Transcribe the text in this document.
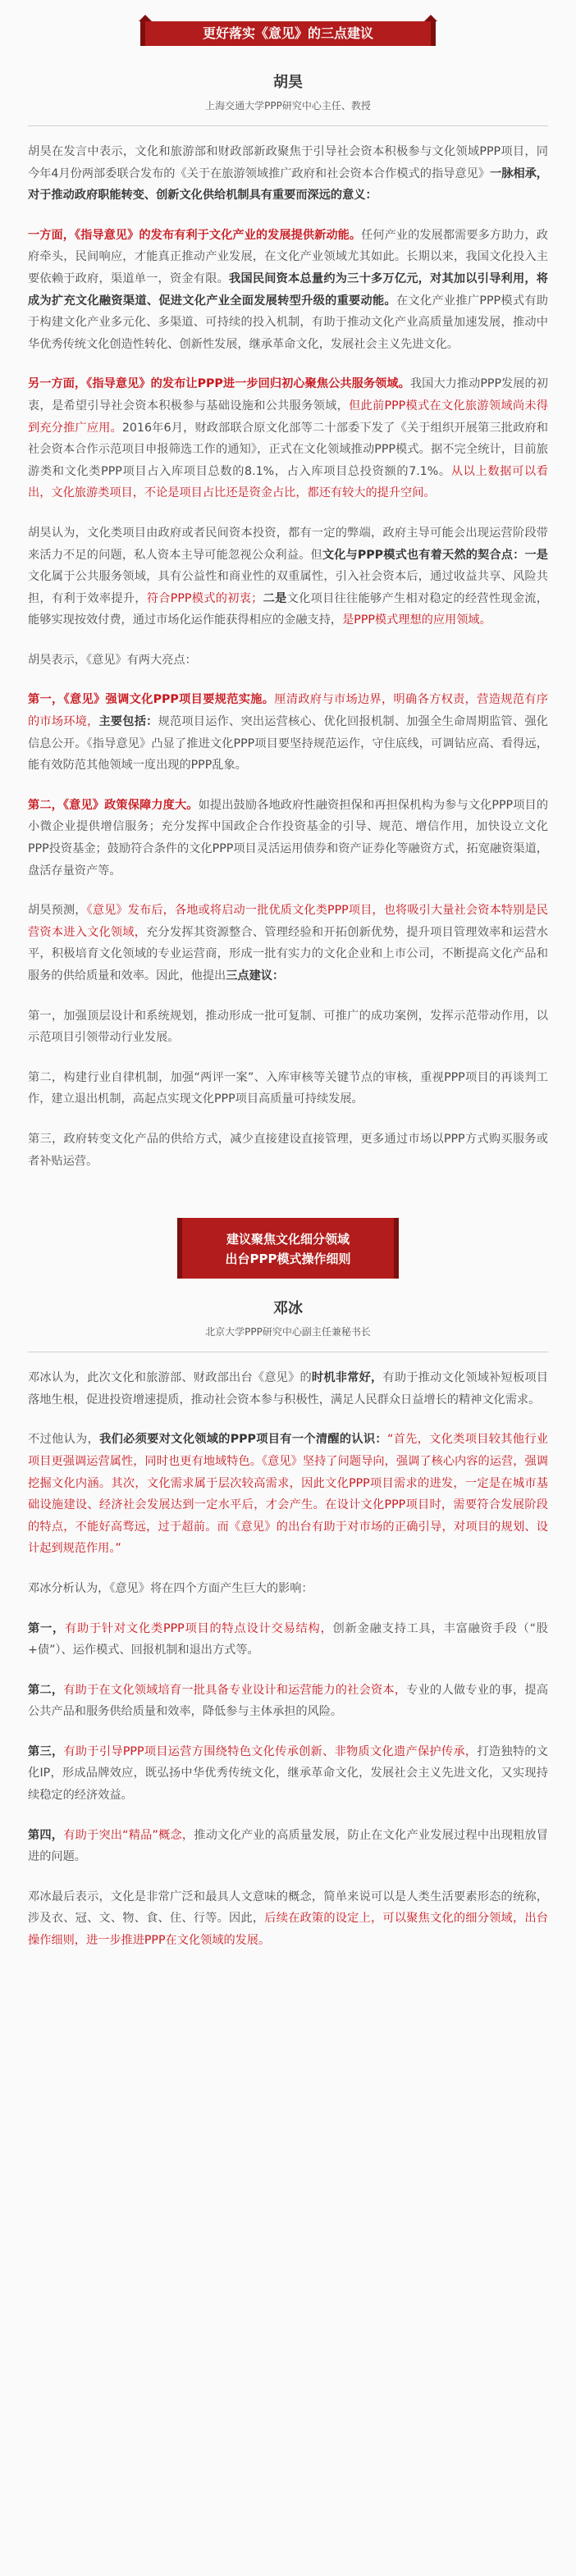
更好落实《意见》的三点建议
胡昊
上海交通大学PPP研究中心主任、教授

胡昊在发言中表示，文化和旅游部和财政部新政聚焦于引导社会资本积极参与文化领域PPP项目，同今年4月份两部委联合发布的《关于在旅游领域推广政府和社会资本合作模式的指导意见》一脉相承，对于推动政府职能转变、创新文化供给机制具有重要而深远的意义：

一方面，《指导意见》的发布有利于文化产业的发展提供新动能。任何产业的发展都需要多方助力，政府牵头，民间响应，才能真正推动产业发展，在文化产业领域尤其如此。长期以来，我国文化投入主要依赖于政府，渠道单一，资金有限。我国民间资本总量约为三十多万亿元，对其加以引导利用，将成为扩充文化融资渠道、促进文化产业全面发展转型升级的重要动能。在文化产业推广PPP模式有助于构建文化产业多元化、多渠道、可持续的投入机制，有助于推动文化产业高质量加速发展，推动中华优秀传统文化创造性转化、创新性发展，继承革命文化，发展社会主义先进文化。

另一方面，《指导意见》的发布让PPP进一步回归初心聚焦公共服务领域。我国大力推动PPP发展的初衷，是希望引导社会资本积极参与基础设施和公共服务领域，但此前PPP模式在文化旅游领域尚未得到充分推广应用。2016年6月，财政部联合原文化部等二十部委下发了《关于组织开展第三批政府和社会资本合作示范项目申报筛选工作的通知》，正式在文化领域推动PPP模式。据不完全统计，目前旅游类和文化类PPP项目占入库项目总数的8.1%，占入库项目总投资额的7.1%。从以上数据可以看出，文化旅游类项目，不论是项目占比还是资金占比，都还有较大的提升空间。

胡昊认为，文化类项目由政府或者民间资本投资，都有一定的弊端，政府主导可能会出现运营阶段带来活力不足的问题，私人资本主导可能忽视公众利益。但文化与PPP模式也有着天然的契合点：一是文化属于公共服务领域，具有公益性和商业性的双重属性，引入社会资本后，通过收益共享、风险共担，有利于效率提升，符合PPP模式的初衷；二是文化项目往往能够产生相对稳定的经营性现金流，能够实现按效付费，通过市场化运作能获得相应的金融支持，是PPP模式理想的应用领域。

胡昊表示，《意见》有两大亮点：

第一，《意见》强调文化PPP项目要规范实施。厘清政府与市场边界，明确各方权责，营造规范有序的市场环境，主要包括：规范项目运作、突出运营核心、优化回报机制、加强全生命周期监管、强化信息公开。《指导意见》凸显了推进文化PPP项目要坚持规范运作，守住底线，可调钻应高、看得远，能有效防范其他领域一度出现的PPP乱象。

第二，《意见》政策保障力度大。如提出鼓励各地政府性融资担保和再担保机构为参与文化PPP项目的小微企业提供增信服务；充分发挥中国政企合作投资基金的引导、规范、增信作用，加快设立文化PPP投资基金；鼓励符合条件的文化PPP项目灵活运用债券和资产证券化等融资方式，拓宽融资渠道，盘活存量资产等。

胡昊预测，《意见》发布后，各地或将启动一批优质文化类PPP项目，也将吸引大量社会资本特别是民营资本进入文化领域，充分发挥其资源整合、管理经验和开拓创新优势，提升项目管理效率和运营水平，积极培育文化领域的专业运营商，形成一批有实力的文化企业和上市公司，不断提高文化产品和服务的供给质量和效率。因此，他提出三点建议：

第一，加强顶层设计和系统规划，推动形成一批可复制、可推广的成功案例，发挥示范带动作用，以示范项目引领带动行业发展。

第二，构建行业自律机制，加强“两评一案”、入库审核等关键节点的审核，重视PPP项目的再谈判工作，建立退出机制，高起点实现文化PPP项目高质量可持续发展。

第三，政府转变文化产品的供给方式，减少直接建设直接管理，更多通过市场以PPP方式购买服务或者补贴运营。

建议聚焦文化细分领域
出台PPP模式操作细则
邓冰
北京大学PPP研究中心副主任兼秘书长

邓冰认为，此次文化和旅游部、财政部出台《意见》的时机非常好，有助于推动文化领域补短板项目落地生根，促进投资增速提质，推动社会资本参与积极性，满足人民群众日益增长的精神文化需求。

不过他认为，我们必须要对文化领域的PPP项目有一个清醒的认识：“首先，文化类项目较其他行业项目更强调运营属性，同时也更有地域特色。《意见》坚持了问题导向，强调了核心内容的运营，强调挖掘文化内涵。其次，文化需求属于层次较高需求，因此文化PPP项目需求的进发，一定是在城市基础设施建设、经济社会发展达到一定水平后，才会产生。在设计文化PPP项目时，需要符合发展阶段的特点，不能好高骛远，过于超前。而《意见》的出台有助于对市场的正确引导，对项目的规划、设计起到规范作用。”

邓冰分析认为，《意见》将在四个方面产生巨大的影响：

第一，有助于针对文化类PPP项目的特点设计交易结构，创新金融支持工具，丰富融资手段（“股+债”）、运作模式、回报机制和退出方式等。

第二，有助于在文化领域培育一批具备专业设计和运营能力的社会资本，专业的人做专业的事，提高公共产品和服务供给质量和效率，降低参与主体承担的风险。

第三，有助于引导PPP项目运营方围绕特色文化传承创新、非物质文化遗产保护传承，打造独特的文化IP，形成品牌效应，既弘扬中华优秀传统文化，继承革命文化，发展社会主义先进文化，又实现持续稳定的经济效益。

第四，有助于突出“精品”概念，推动文化产业的高质量发展，防止在文化产业发展过程中出现粗放冒进的问题。

邓冰最后表示，文化是非常广泛和最具人文意味的概念，简单来说可以是人类生活要素形态的统称，涉及衣、冠、文、物、食、住、行等。因此，后续在政策的设定上，可以聚焦文化的细分领域，出台操作细则，进一步推进PPP在文化领域的发展。
